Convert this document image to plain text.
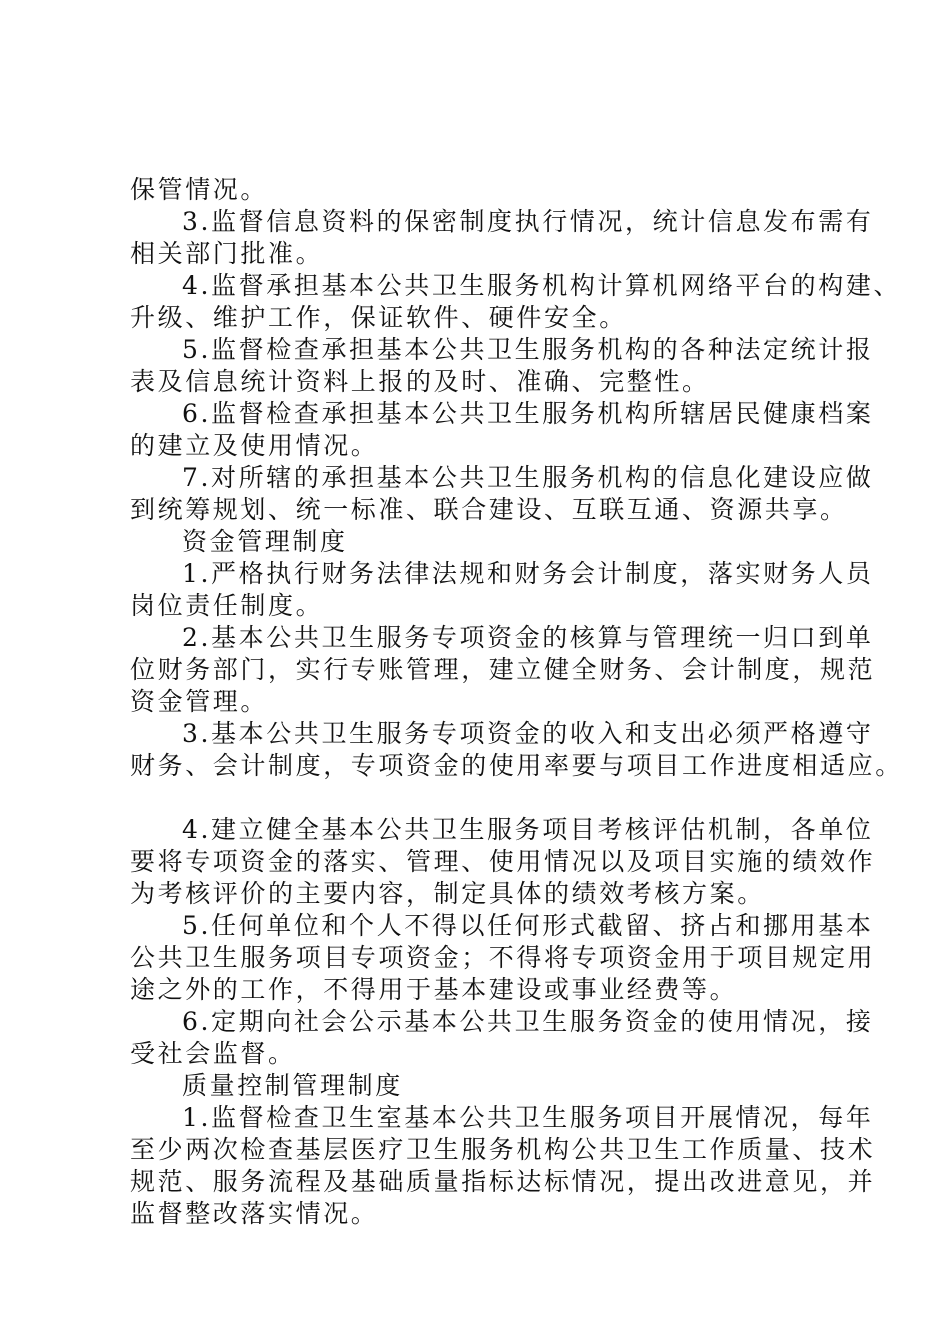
保管情况。
3.监督信息资料的保密制度执行情况，统计信息发布需有
相关部门批准。
4.监督承担基本公共卫生服务机构计算机网络平台的构建、
升级、维护工作，保证软件、硬件安全。
5.监督检查承担基本公共卫生服务机构的各种法定统计报
表及信息统计资料上报的及时、准确、完整性。
6.监督检查承担基本公共卫生服务机构所辖居民健康档案
的建立及使用情况。
7.对所辖的承担基本公共卫生服务机构的信息化建设应做
到统筹规划、统一标准、联合建设、互联互通、资源共享。
资金管理制度
1.严格执行财务法律法规和财务会计制度，落实财务人员
岗位责任制度。
2.基本公共卫生服务专项资金的核算与管理统一归口到单
位财务部门，实行专账管理，建立健全财务、会计制度，规范
资金管理。
3.基本公共卫生服务专项资金的收入和支出必须严格遵守
财务、会计制度，专项资金的使用率要与项目工作进度相适应。
4.建立健全基本公共卫生服务项目考核评估机制，各单位
要将专项资金的落实、管理、使用情况以及项目实施的绩效作
为考核评价的主要内容，制定具体的绩效考核方案。
5.任何单位和个人不得以任何形式截留、挤占和挪用基本
公共卫生服务项目专项资金；不得将专项资金用于项目规定用
途之外的工作，不得用于基本建设或事业经费等。
6.定期向社会公示基本公共卫生服务资金的使用情况，接
受社会监督。
质量控制管理制度
1.监督检查卫生室基本公共卫生服务项目开展情况，每年
至少两次检查基层医疗卫生服务机构公共卫生工作质量、技术
规范、服务流程及基础质量指标达标情况，提出改进意见，并
监督整改落实情况。
